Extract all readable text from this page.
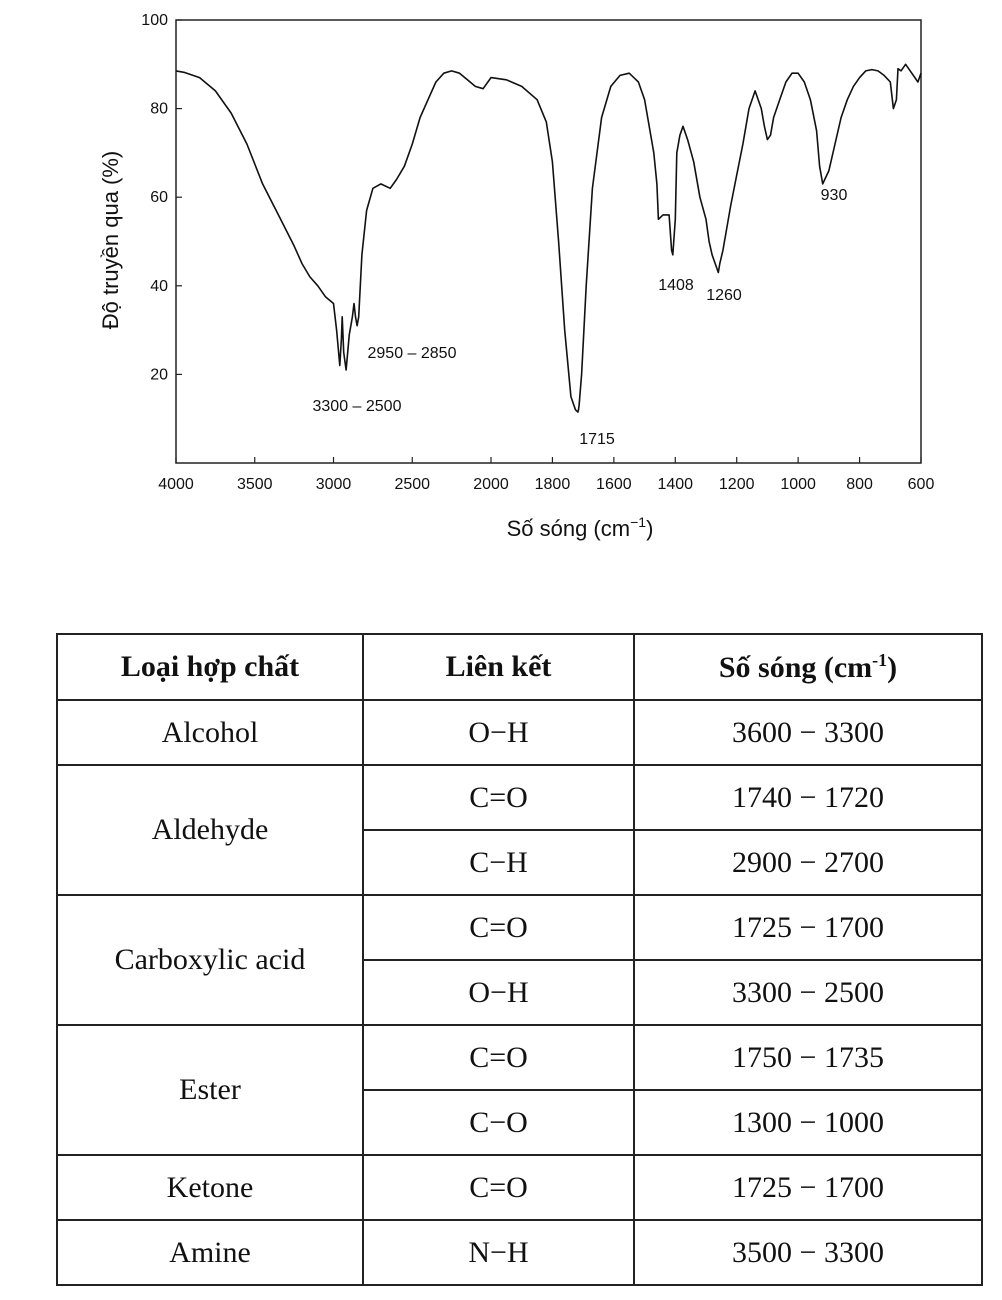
20
40
60
80
100
4000	3500	3000	2500	2000 1800 1600 1400 1200 1000 800 600
3300 – 2500
2950 – 2850
1715
1408
1260
930
Độ truyền qua (%)
Số sóng $(cm^{-1})$
Loại hợp chất	Liên kết	Số sóng $(cm^{-1})$
Alcohol	O−H	3600 − 3300
Aldehyde	C=O	1740 − 1720
	C−H	2900 − 2700
Carboxylic acid	C=O	1725 − 1700
	O−H	3300 − 2500
Ester	C=O	1750 − 1735
	C−O	1300 − 1000
Ketone	C=O	1725 − 1700
Amine	N−H	3500 − 3300
